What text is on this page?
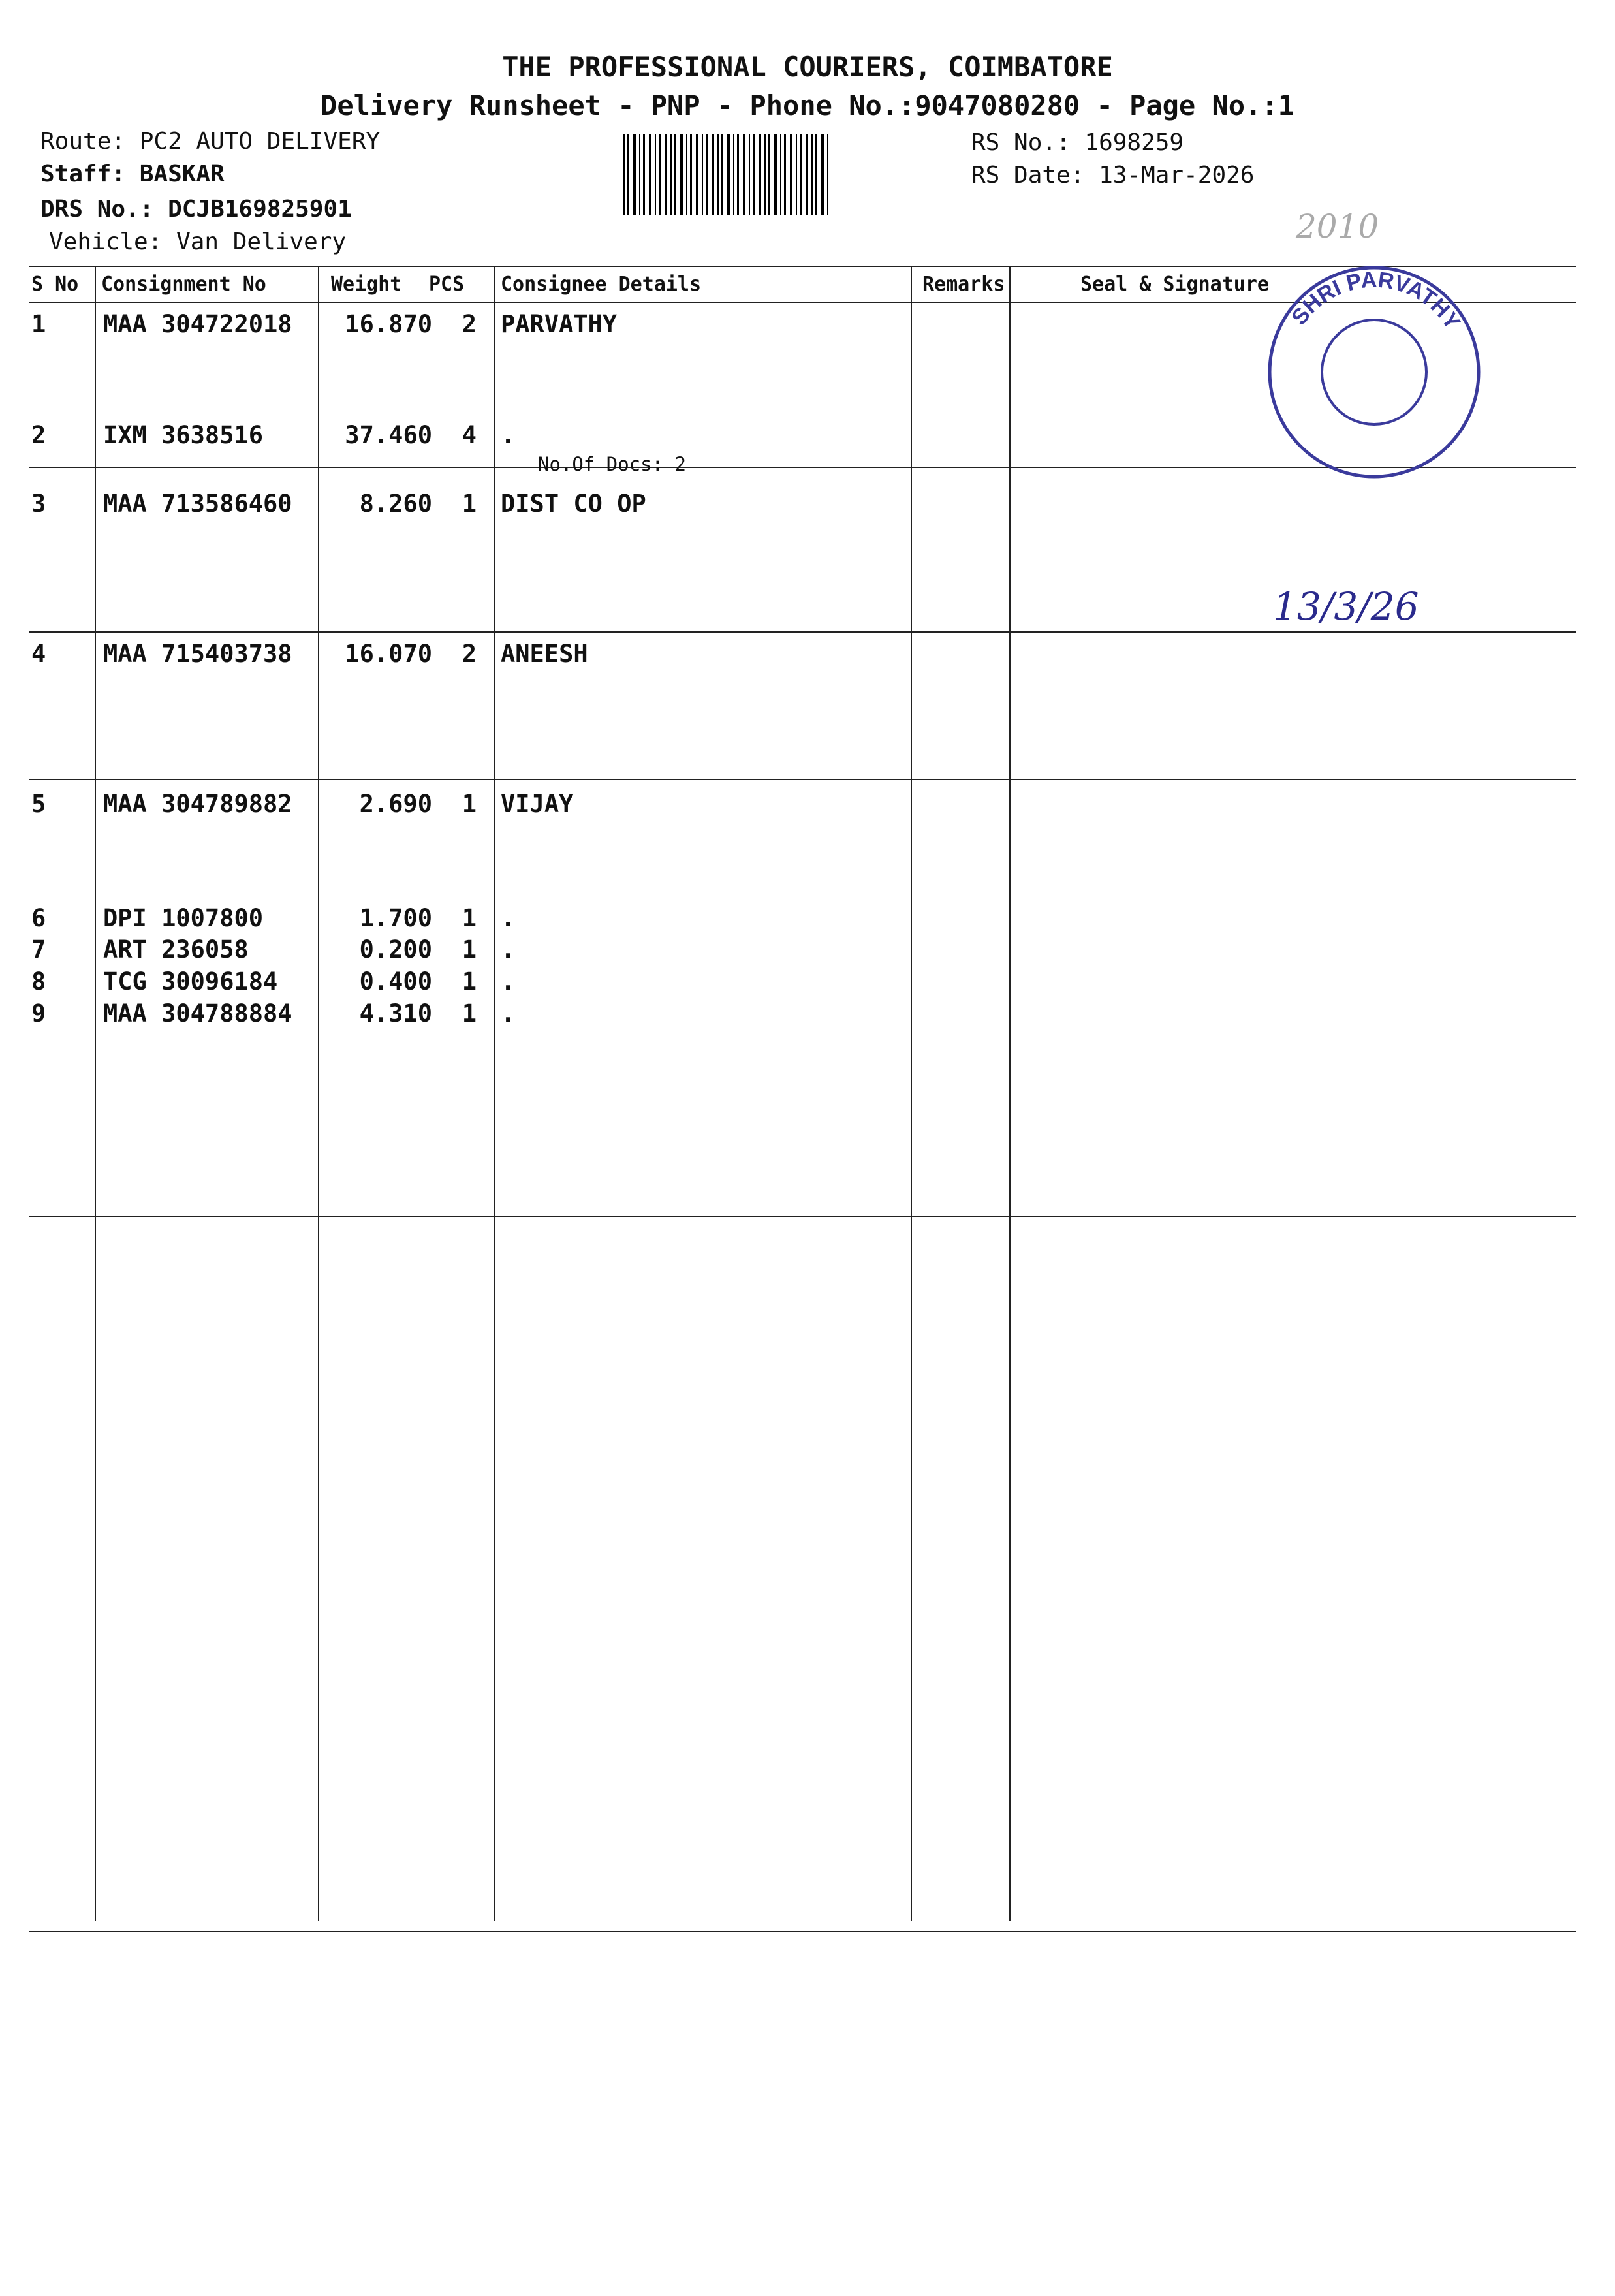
THE PROFESSIONAL COURIERS, COIMBATORE
Delivery Runsheet - PNP - Phone No.:9047080280 - Page No.:1
Route: PC2 AUTO DELIVERY
Staff: BASKAR
DRS No.: DCJB169825901
Vehicle: Van Delivery
RS No.: 1698259
RS Date: 13-Mar-2026
2010
S No Consignment No	Weight PCS Consignee Details	Remarks	Seal & Signature
1 MAA 304722018	16.870	2 PARVATHY
2 IXM 3638516	37.460	4 .
3 MAA 713586460	8.260	1 DIST CO OP
4 MAA 715403738	16.070	2 ANEESH
5 MAA 304789882	2.690	1 VIJAY
6 DPI 1007800	1.700	1 .
7 ART 236058	0.200	1 .
8 TCG 30096184	0.400	1 .
9 MAA 304788884	4.310	1 .
No.Of Docs: 2
SHRI PARVATHY
13/3/26
